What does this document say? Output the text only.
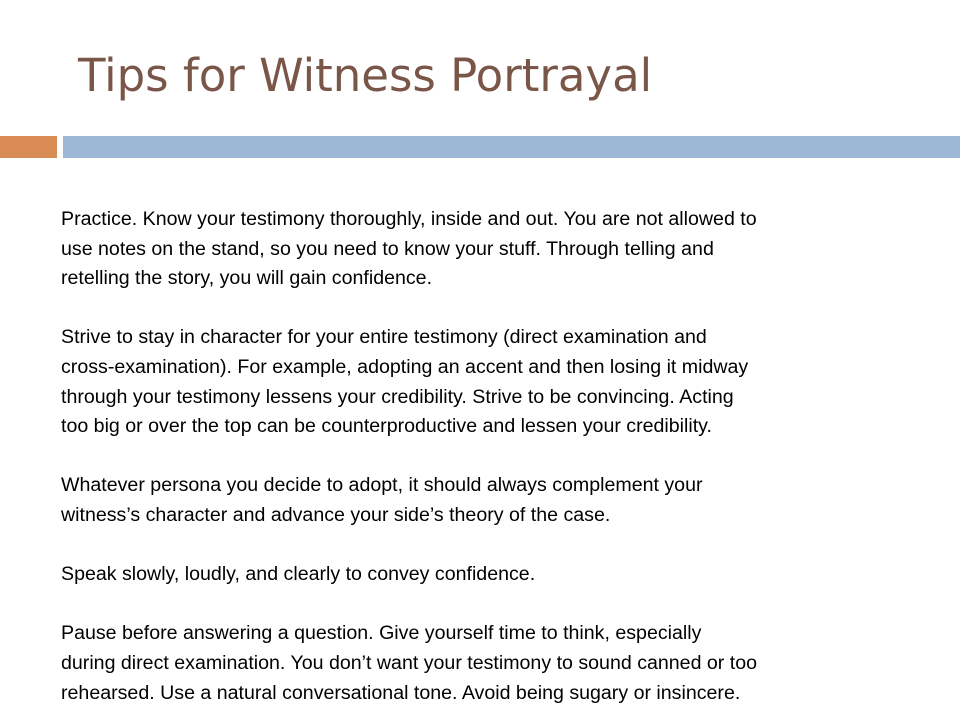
Tips for Witness Portrayal

Practice. Know your testimony thoroughly, inside and out. You are not allowed to
use notes on the stand, so you need to know your stuff. Through telling and
retelling the story, you will gain confidence.

Strive to stay in character for your entire testimony (direct examination and
cross-examination). For example, adopting an accent and then losing it midway
through your testimony lessens your credibility. Strive to be convincing. Acting
too big or over the top can be counterproductive and lessen your credibility.

Whatever persona you decide to adopt, it should always complement your
witness’s character and advance your side’s theory of the case.

Speak slowly, loudly, and clearly to convey confidence.

Pause before answering a question. Give yourself time to think, especially
during direct examination. You don’t want your testimony to sound canned or too
rehearsed. Use a natural conversational tone. Avoid being sugary or insincere.
